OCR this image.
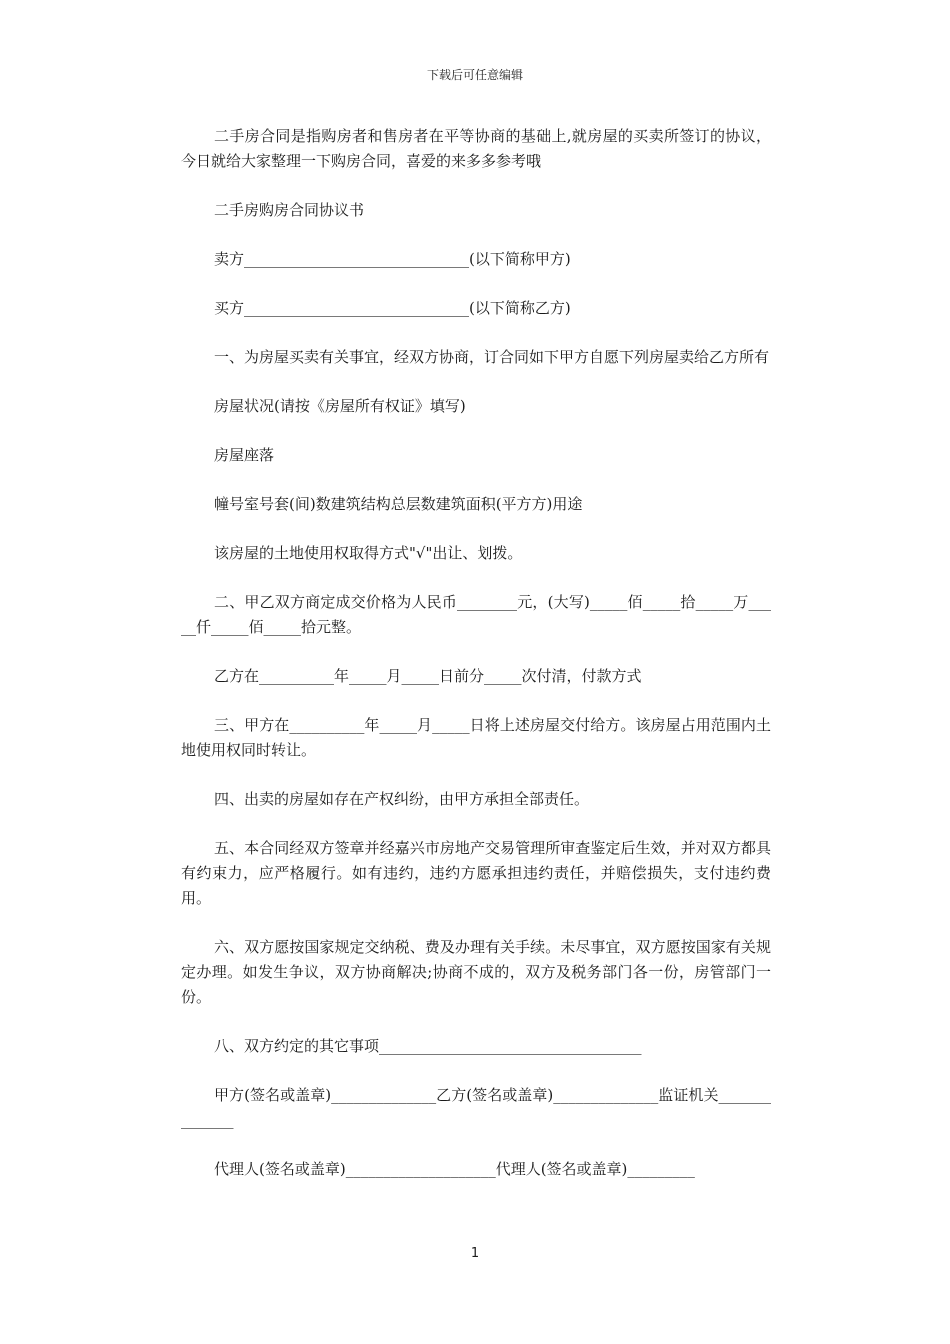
下载后可任意编辑

二手房合同是指购房者和售房者在平等协商的基础上,就房屋的买卖所签订的协议，今日就给大家整理一下购房合同，喜爱的来多多参考哦

二手房购房合同协议书

卖方______________________________(以下简称甲方)

买方______________________________(以下简称乙方)

一、为房屋买卖有关事宜，经双方协商，订合同如下甲方自愿下列房屋卖给乙方所有

房屋状况(请按《房屋所有权证》填写)

房屋座落

幢号室号套(间)数建筑结构总层数建筑面积(平方方)用途

该房屋的土地使用权取得方式"√"出让、划拨。

二、甲乙双方商定成交价格为人民币________元，(大写)_____佰_____拾_____万_____仟_____佰_____拾元整。

乙方在__________年_____月_____日前分_____次付清，付款方式

三、甲方在__________年_____月_____日将上述房屋交付给方。该房屋占用范围内土地使用权同时转让。

四、出卖的房屋如存在产权纠纷，由甲方承担全部责任。

五、本合同经双方签章并经嘉兴市房地产交易管理所审查鉴定后生效，并对双方都具有约束力，应严格履行。如有违约，违约方愿承担违约责任，并赔偿损失，支付违约费用。

六、双方愿按国家规定交纳税、费及办理有关手续。未尽事宜，双方愿按国家有关规定办理。如发生争议，双方协商解决;协商不成的，双方及税务部门各一份，房管部门一份。

八、双方约定的其它事项___________________________________

甲方(签名或盖章)______________乙方(签名或盖章)______________监证机关______________

代理人(签名或盖章)____________________代理人(签名或盖章)_________

1
